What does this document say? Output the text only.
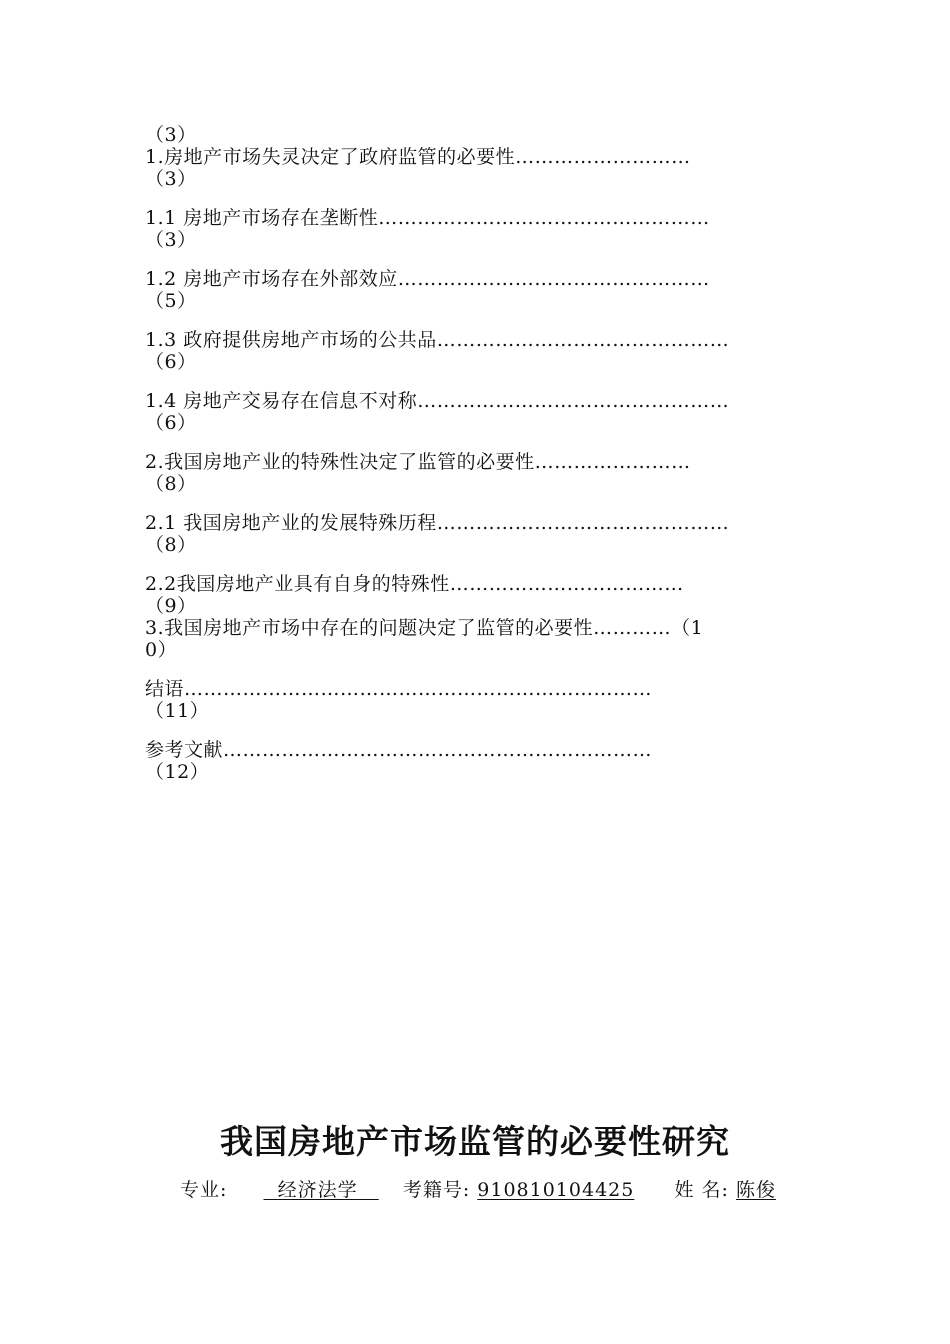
（3）
1.房地产市场失灵决定了政府监管的必要性………………………
（3）
1.1 房地产市场存在垄断性……………………………………………
（3）
1.2 房地产市场存在外部效应…………………………………………
（5）
1.3 政府提供房地产市场的公共品………………………………………
（6）
1.4 房地产交易存在信息不对称…………………………………………
（6）
2.我国房地产业的特殊性决定了监管的必要性……………………
（8）
2.1 我国房地产业的发展特殊历程………………………………………
（8）
2.2我国房地产业具有自身的特殊性………………………………
（9）
3.我国房地产市场中存在的问题决定了监管的必要性…………（1
0）
结语………………………………………………………………
（11）
参考文献…………………………………………………………
（12）
我国房地产市场监管的必要性研究
专业:	经济法学 考籍号: 910810104425 姓 名: 陈俊
